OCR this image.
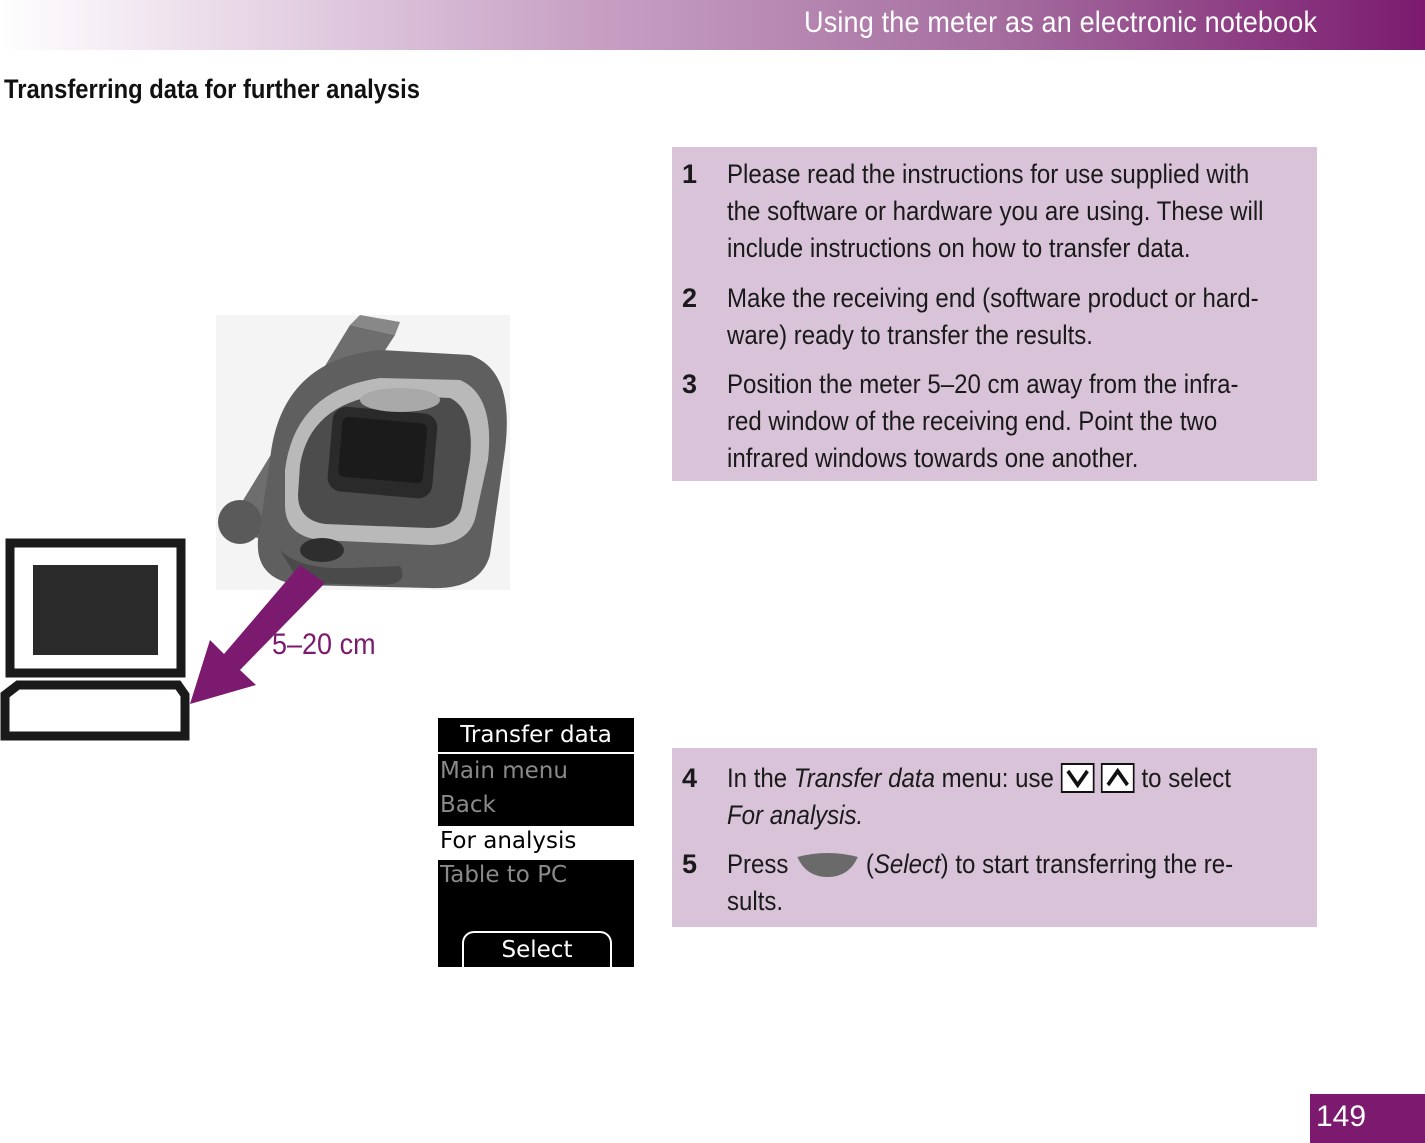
Using the meter as an electronic notebook
Transferring data for further analysis
5–20 cm
1	Please read the instructions for use supplied with
the software or hardware you are using. These will
include instructions on how to transfer data.
2	Make the receiving end (software product or hard-
ware) ready to transfer the results.
3	Position the meter 5–20 cm away from the infra-
red window of the receiving end. Point the two
infrared windows towards one another.
Transfer data
Main menu
Back
For analysis
Table to PC
Select
4	In the Transfer data menu: use	to select
For analysis.
5	Press  (Select) to start transferring the re-
sults.
149
